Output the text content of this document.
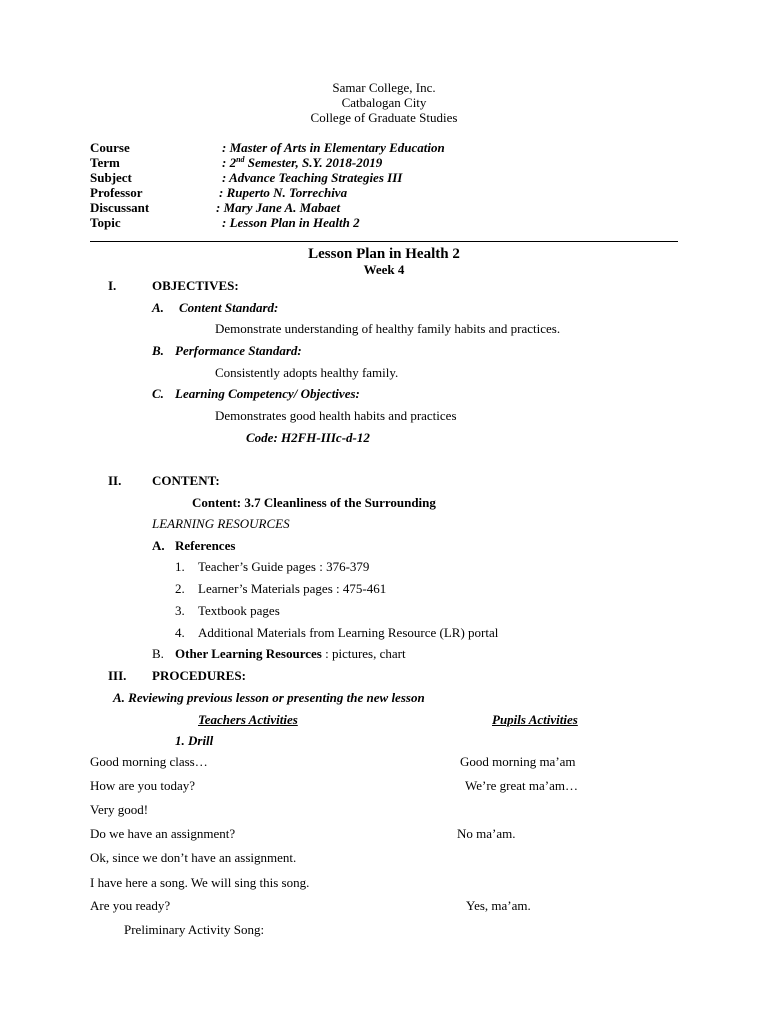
Samar College, Inc.
Catbalogan City
College of Graduate Studies
Course	: Master of Arts in Elementary Education
Term	: 2nd Semester, S.Y. 2018-2019
Subject	: Advance Teaching Strategies III
Professor	: Ruperto N. Torrechiva
Discussant	: Mary Jane A. Mabaet
Topic	: Lesson Plan in Health 2
Lesson Plan in Health 2
Week 4
I.	OBJECTIVES:
A. Content Standard:
Demonstrate understanding of healthy family habits and practices.
B. Performance Standard:
Consistently adopts healthy family.
C. Learning Competency/ Objectives:
Demonstrates good health habits and practices
Code: H2FH-IIIc-d-12
II. CONTENT:
Content: 3.7 Cleanliness of the Surrounding
LEARNING RESOURCES
A. References
1. Teacher’s Guide pages : 376-379
2. Learner’s Materials pages : 475-461
3. Textbook pages
4. Additional Materials from Learning Resource (LR) portal
B. Other Learning Resources : pictures, chart
III. PROCEDURES:
A. Reviewing previous lesson or presenting the new lesson
Teachers Activities	Pupils Activities
1. Drill
Good morning class…	Good morning ma’am
How are you today?	We’re great ma’am…
Very good!
Do we have an assignment?	No ma’am.
Ok, since we don’t have an assignment.
I have here a song. We will sing this song.
Are you ready?	Yes, ma’am.
Preliminary Activity Song:
